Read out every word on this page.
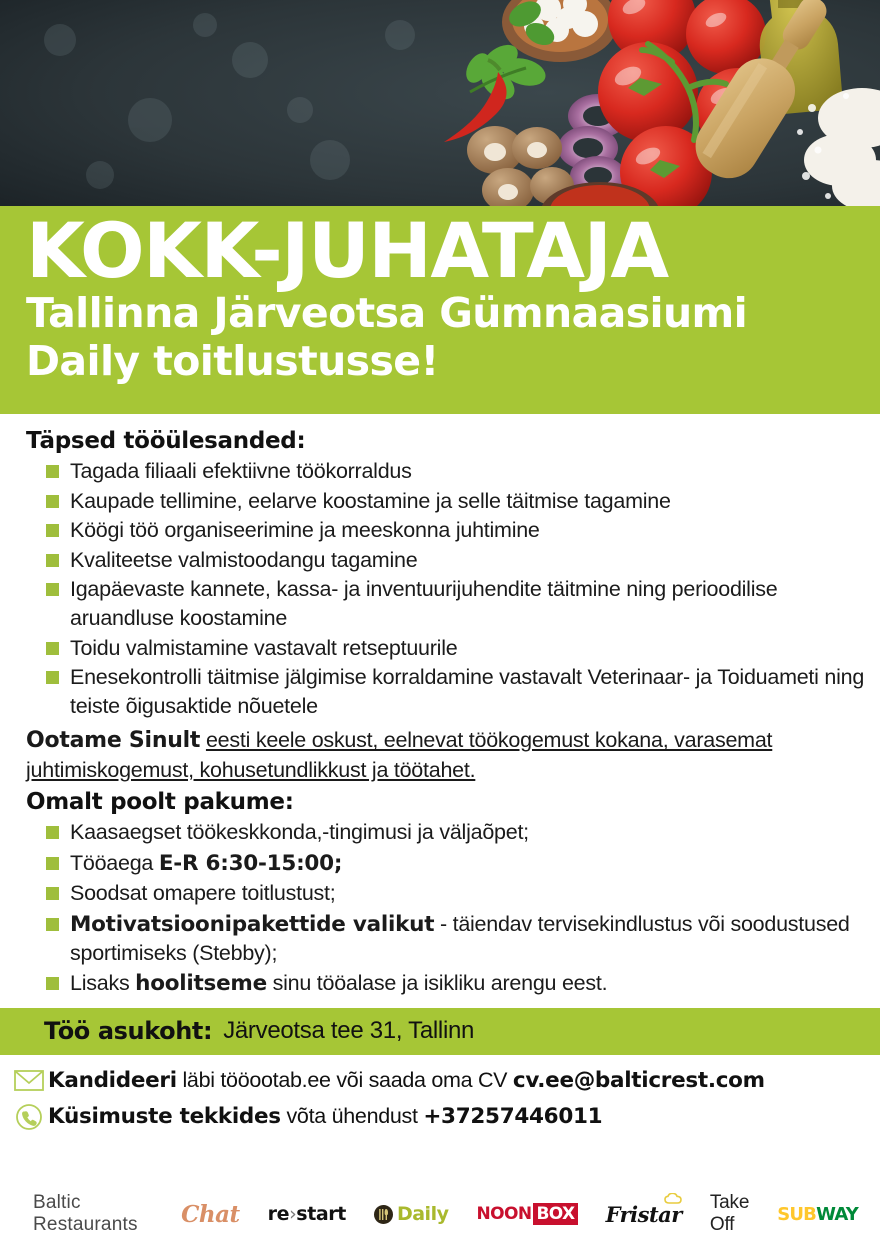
KOKK-JUHATAJA
Tallinna Järveotsa Gümnaasiumi
Daily toitlustusse!
Täpsed tööülesanded:
Tagada filiaali efektiivne töökorraldus
Kaupade tellimine, eelarve koostamine ja selle täitmise tagamine
Köögi töö organiseerimine ja meeskonna juhtimine
Kvaliteetse valmistoodangu tagamine
Igapäevaste kannete, kassa- ja inventuurijuhendite täitmine ning perioodilise aruandluse koostamine
Toidu valmistamine vastavalt retseptuurile
Enesekontrolli täitmise jälgimise korraldamine vastavalt Veterinaar- ja Toiduameti ning teiste õigusaktide nõuetele

Ootame Sinult eesti keele oskust, eelnevat töökogemust kokana, varasemat juhtimiskogemust, kohusetundlikkust ja töötahet.

Omalt poolt pakume:
Kaasaegset töökeskkonda,-tingimusi ja väljaõpet;
Tööaega E-R 6:30-15:00;
Soodsat omapere toitlustust;
Motivatsioonipakettide valikut - täiendav tervisekindlustus või soodustused sportimiseks (Stebby);
Lisaks hoolitseme sinu tööalase ja isikliku arengu eest.
Töö asukoht: Järveotsa tee 31, Tallinn
Kandideeri läbi tööootab.ee või saada oma CV cv.ee@balticrest.com
Küsimuste tekkides võta ühendust +37257446011
Baltic Restaurants	Chat re › start	Daily NOON BOX Fristar Take Off	SUB WAY
